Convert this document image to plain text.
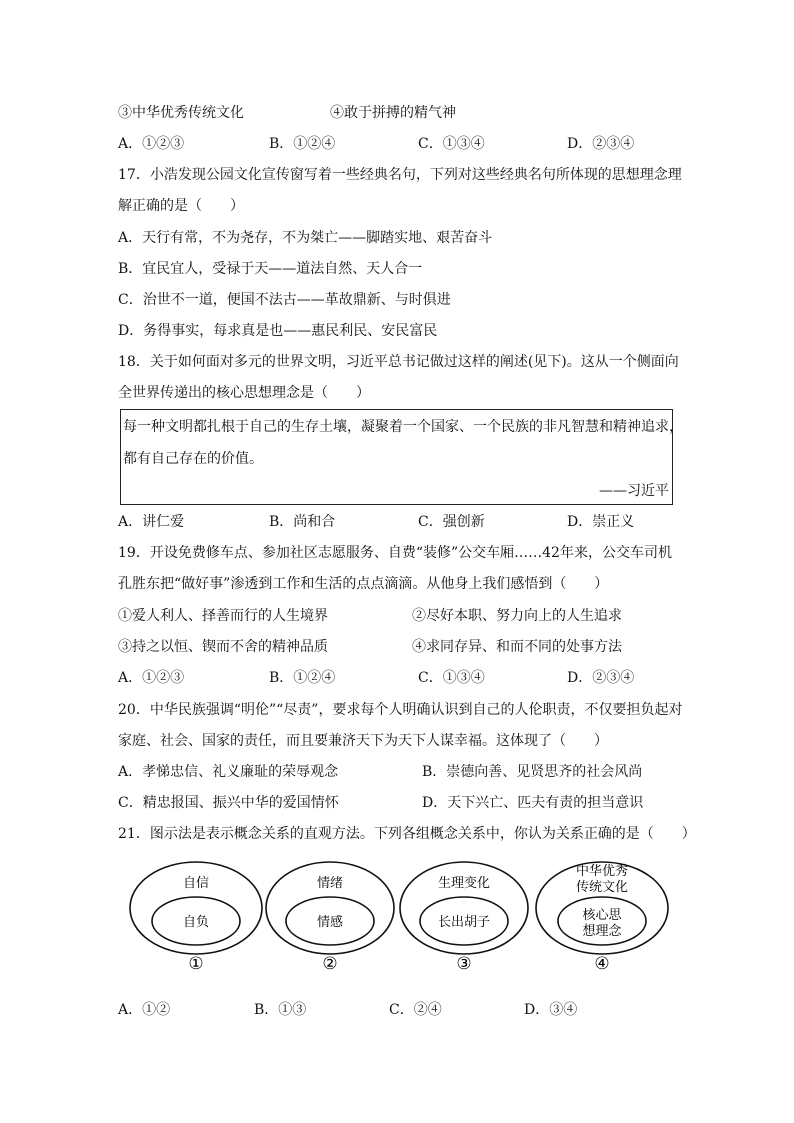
③中华优秀传统文化	④敢于拼搏的精气神
A．①②③	B．①②④	C．①③④	D．②③④
17．小浩发现公园文化宣传窗写着一些经典名句，下列对这些经典名句所体现的思想理念理
解正确的是（　　）
A．天行有常，不为尧存，不为桀亡——脚踏实地、艰苦奋斗
B．宜民宜人，受禄于天——道法自然、天人合一
C．治世不一道，便国不法古——革故鼎新、与时俱进
D．务得事实，每求真是也——惠民利民、安民富民
18．关于如何面对多元的世界文明，习近平总书记做过这样的阐述(见下)。这从一个侧面向
全世界传递出的核心思想理念是（　　）
每一种文明都扎根于自己的生存土壤，凝聚着一个国家、一个民族的非凡智慧和精神追求，
都有自己存在的价值。
——习近平
A．讲仁爱	B．尚和合	C．强创新	D．崇正义
19．开设免费修车点、参加社区志愿服务、自费“装修”公交车厢……42年来，公交车司机
孔胜东把“做好事”渗透到工作和生活的点点滴滴。从他身上我们感悟到（　　）
①爱人利人、择善而行的人生境界	②尽好本职、努力向上的人生追求
③持之以恒、锲而不舍的精神品质	④求同存异、和而不同的处事方法
A．①②③	B．①②④	C．①③④	D．②③④
20．中华民族强调“明伦”“尽责”，要求每个人明确认识到自己的人伦职责，不仅要担负起对
家庭、社会、国家的责任，而且要兼济天下为天下人谋幸福。这体现了（　　）
A．孝悌忠信、礼义廉耻的荣辱观念	B．崇德向善、见贤思齐的社会风尚
C．精忠报国、振兴中华的爱国情怀	D．天下兴亡、匹夫有责的担当意识
21．图示法是表示概念关系的直观方法。下列各组概念关系中，你认为关系正确的是（　　）
自信
自负
①
情绪
情感
②
生理变化
长出胡子
③
中华优秀
传统文化
核心思
想理念
④
A．①②	B．①③	C．②④	D．③④
